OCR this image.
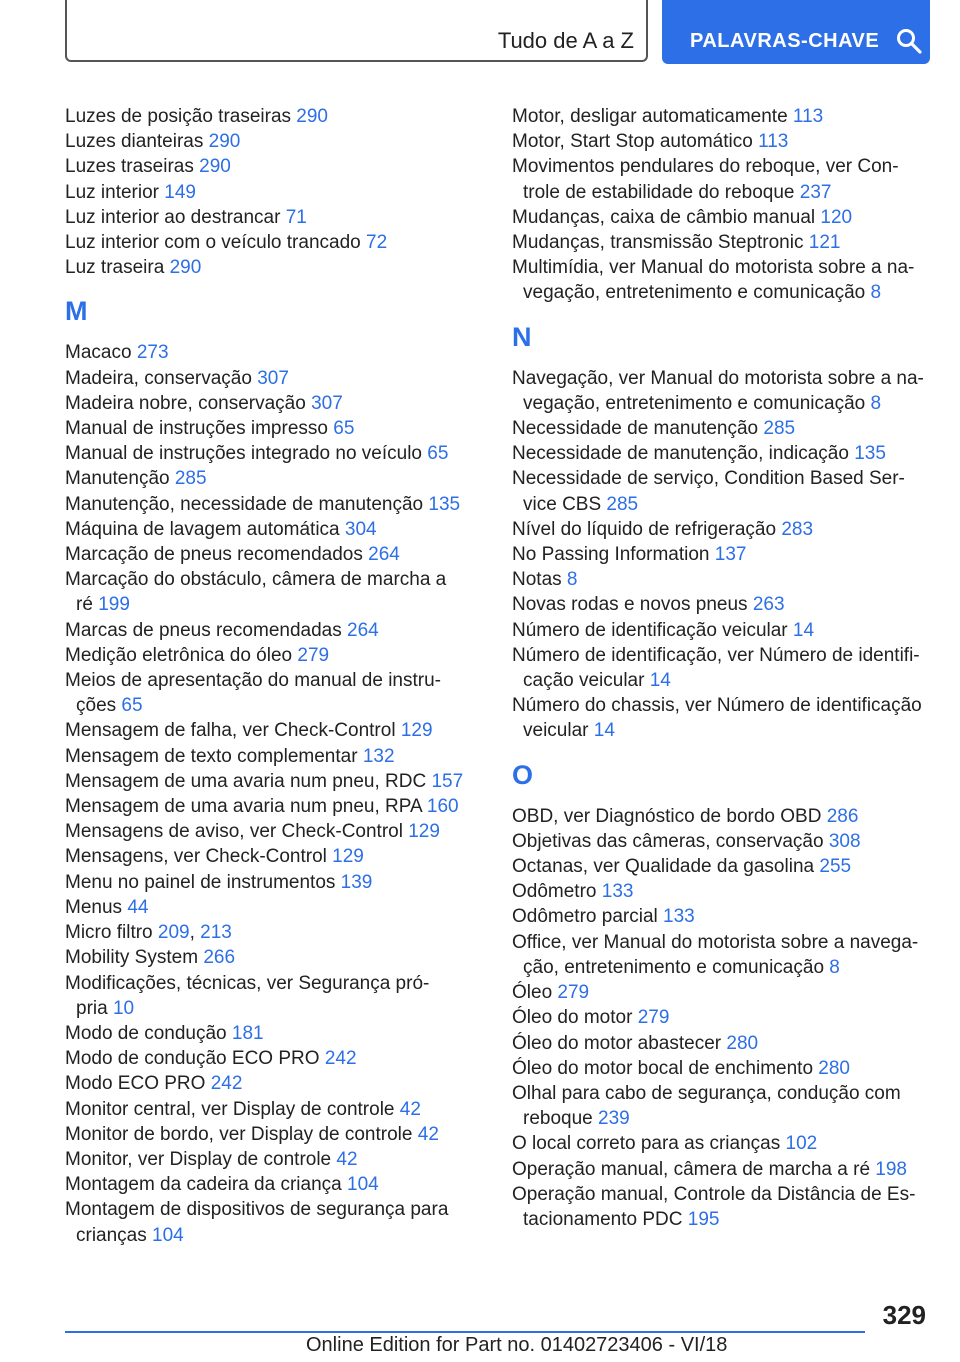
Tudo de A a Z	PALAVRAS-CHAVE
Luzes de posição traseiras 290
Luzes dianteiras 290
Luzes traseiras 290
Luz interior 149
Luz interior ao destrancar 71
Luz interior com o veículo trancado 72
Luz traseira 290
M
Macaco 273
Madeira, conservação 307
Madeira nobre, conservação 307
Manual de instruções impresso 65
Manual de instruções integrado no veículo 65
Manutenção 285
Manutenção, necessidade de manutenção 135
Máquina de lavagem automática 304
Marcação de pneus recomendados 264
Marcação do obstáculo, câmera de marcha a ré 199
Marcas de pneus recomendadas 264
Medição eletrônica do óleo 279
Meios de apresentação do manual de instru‐ ções 65
Mensagem de falha, ver Check-Control 129
Mensagem de texto complementar 132
Mensagem de uma avaria num pneu, RDC 157
Mensagem de uma avaria num pneu, RPA 160
Mensagens de aviso, ver Check-Control 129
Mensagens, ver Check-Control 129
Menu no painel de instrumentos 139
Menus 44
Micro filtro 209, 213
Mobility System 266
Modificações, técnicas, ver Segurança pró‐ pria 10
Modo de condução 181
Modo de condução ECO PRO 242
Modo ECO PRO 242
Monitor central, ver Display de controle 42
Monitor de bordo, ver Display de controle 42
Monitor, ver Display de controle 42
Montagem da cadeira da criança 104
Montagem de dispositivos de segurança para crianças 104
Motor, desligar automaticamente 113
Motor, Start Stop automático 113
Movimentos pendulares do reboque, ver Con‐ trole de estabilidade do reboque 237
Mudanças, caixa de câmbio manual 120
Mudanças, transmissão Steptronic 121
Multimídia, ver Manual do motorista sobre a na‐ vegação, entretenimento e comunicação 8
N
Navegação, ver Manual do motorista sobre a na‐ vegação, entretenimento e comunicação 8
Necessidade de manutenção 285
Necessidade de manutenção, indicação 135
Necessidade de serviço, Condition Based Ser‐ vice CBS 285
Nível do líquido de refrigeração 283
No Passing Information 137
Notas 8
Novas rodas e novos pneus 263
Número de identificação veicular 14
Número de identificação, ver Número de identifi‐ cação veicular 14
Número do chassis, ver Número de identificação veicular 14
O
OBD, ver Diagnóstico de bordo OBD 286
Objetivas das câmeras, conservação 308
Octanas, ver Qualidade da gasolina 255
Odômetro 133
Odômetro parcial 133
Office, ver Manual do motorista sobre a navega‐ ção, entretenimento e comunicação 8
Óleo 279
Óleo do motor 279
Óleo do motor abastecer 280
Óleo do motor bocal de enchimento 280
Olhal para cabo de segurança, condução com reboque 239
O local correto para as crianças 102
Operação manual, câmera de marcha a ré 198
Operação manual, Controle da Distância de Es‐ tacionamento PDC 195
329
Online Edition for Part no. 01402723406 - VI/18
